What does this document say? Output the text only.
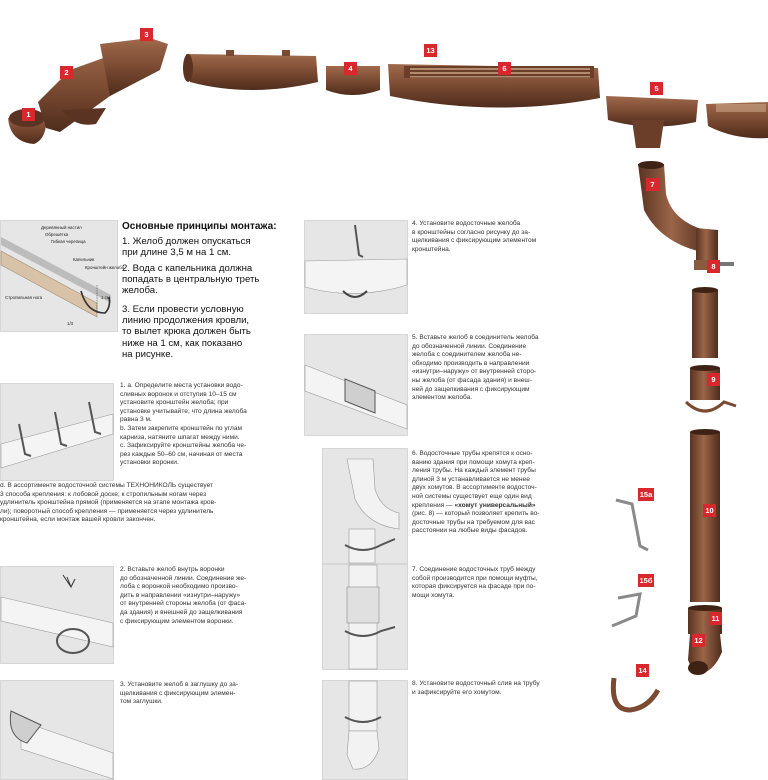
1
2
3
4
13
6
5
7
8
9
10
11
12
14
15а
15б
Деревянный настил
Обрешётка
Гибкая черепица
Капельник
Кронштейн желоба
Стропильная нога	1 см
1/3
Основные принципы монтажа:
1. Желоб должен опускаться
при длине 3,5 м на 1 см.
2. Вода с капельника должна
попадать в центральную треть
желоба.
3. Если провести условную
линию продолжения кровли,
то вылет крюка должен быть
ниже на 1 см, как показано
на рисунке.
1. а. Определите места установки водо-
сливных воронок и отступив 10–15 см
установите кронштейн желоба; при
установке учитывайте, что длина желоба
равна 3 м.
b. Затем закрепите кронштейн по углам
карниза, натяните шпагат между ними.
c. Зафиксируйте кронштейны желоба че-
рез каждые 50–60 см, начиная от места
установки воронки.
d. В ассортименте водосточной системы ТЕХНОНИКОЛЬ существует
3 способа крепления: к лобовой доске; к стропильным ногам через
удлинитель кронштейна прямой (применяется на этапе монтажа кров-
ли); поворотный способ крепления — применяется через удлинитель
кронштейна, если монтаж вашей кровли закончен.
2. Вставьте желоб внутрь воронки
до обозначенной линии. Соединение же-
лоба с воронкой необходимо произво-
дить в направлении «изнутри–наружу»
от внутренней стороны желоба (от фаса-
да здания) и внешней до защелкивания
с фиксирующим элементом воронки.
3. Установите желоб в заглушку до за-
щелкивания с фиксирующим элемен-
том заглушки.
4. Установите водосточные желоба
в кронштейны согласно рисунку до за-
щелкивания с фиксирующим элементом
кронштейна.
5. Вставьте желоб в соединитель желоба
до обозначенной линии. Соединение
желоба с соединителем желоба не-
обходимо производить в направлении
«изнутри–наружу» от внутренней сторо-
ны желоба (от фасада здания) и внеш-
ней до защелкивания с фиксирующим
элементом желоба.
6. Водосточные трубы крепятся к осно-
ванию здания при помощи хомута креп-
ления трубы. На каждый элемент трубы
длиной 3 м устанавливается не менее
двух хомутов. В ассортименте водосточ-
ной системы существует еще один вид
крепления — «хомут универсальный»
(рис. 8) — который позволяет крепить во-
досточные трубы на требуемом для вас
расстоянии на любые виды фасадов.
7. Соединение водосточных труб между
собой производится при помощи муфты,
которая фиксируется на фасаде при по-
мощи хомута.
8. Установите водосточный слив на трубу
и зафиксируйте его хомутом.
